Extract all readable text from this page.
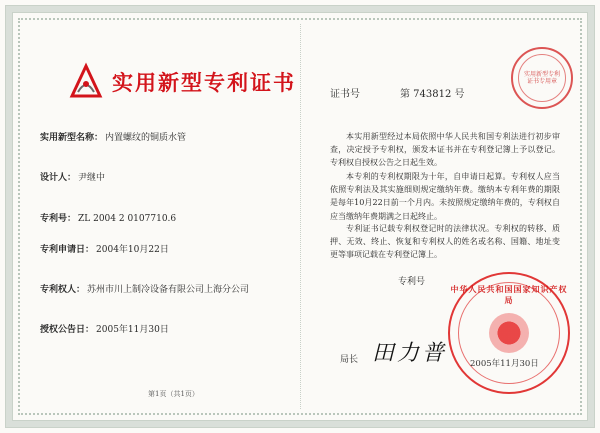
实用新型专利证书
实用新型名称： 内置螺纹的铜质水管
设计人： 尹继中
专利号： ZL 2004 2 0107710.6
专利申请日： 2004年10月22日
专利权人： 苏州市川上制冷设备有限公司上海分公司
授权公告日： 2005年11月30日
实用新型专利证书专用章
证书号	第 743812 号
本实用新型经过本局依照中华人民共和国专利法进行初步审查，决定授予专利权，颁发本证书并在专利登记簿上予以登记。专利权自授权公告之日起生效。
本专利的专利权期限为十年，自申请日起算。专利权人应当依照专利法及其实施细则规定缴纳年费。缴纳本专利年费的期限是每年10月22日前一个月内。未按照规定缴纳年费的，专利权自应当缴纳年费期满之日起终止。
专利证书记载专利权登记时的法律状况。专利权的转移、质押、无效、终止、恢复和专利权人的姓名或名称、国籍、地址变更等事项记载在专利登记簿上。
专利号
局长 田力普
中华人民共和国国家知识产权局
2005年11月30日
第1页（共1页）
